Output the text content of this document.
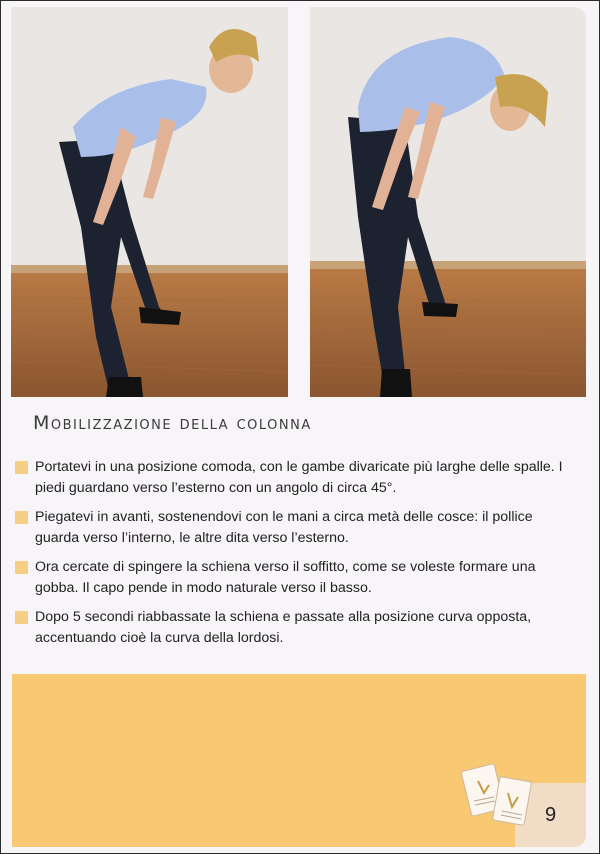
Mobilizzazione della colonna
Portatevi in una posizione comoda, con le gambe divaricate più larghe delle spalle. I piedi guardano verso l’esterno con un angolo di circa 45°.
Piegatevi in avanti, sostenendovi con le mani a circa metà delle cosce: il pollice guarda verso l’interno, le altre dita verso l’esterno.
Ora cercate di spingere la schiena verso il soffitto, come se voleste formare una gobba. Il capo pende in modo naturale verso il basso.
Dopo 5 secondi riabbassate la schiena e passate alla posizione curva opposta, accentuando cioè la curva della lordosi.
9
